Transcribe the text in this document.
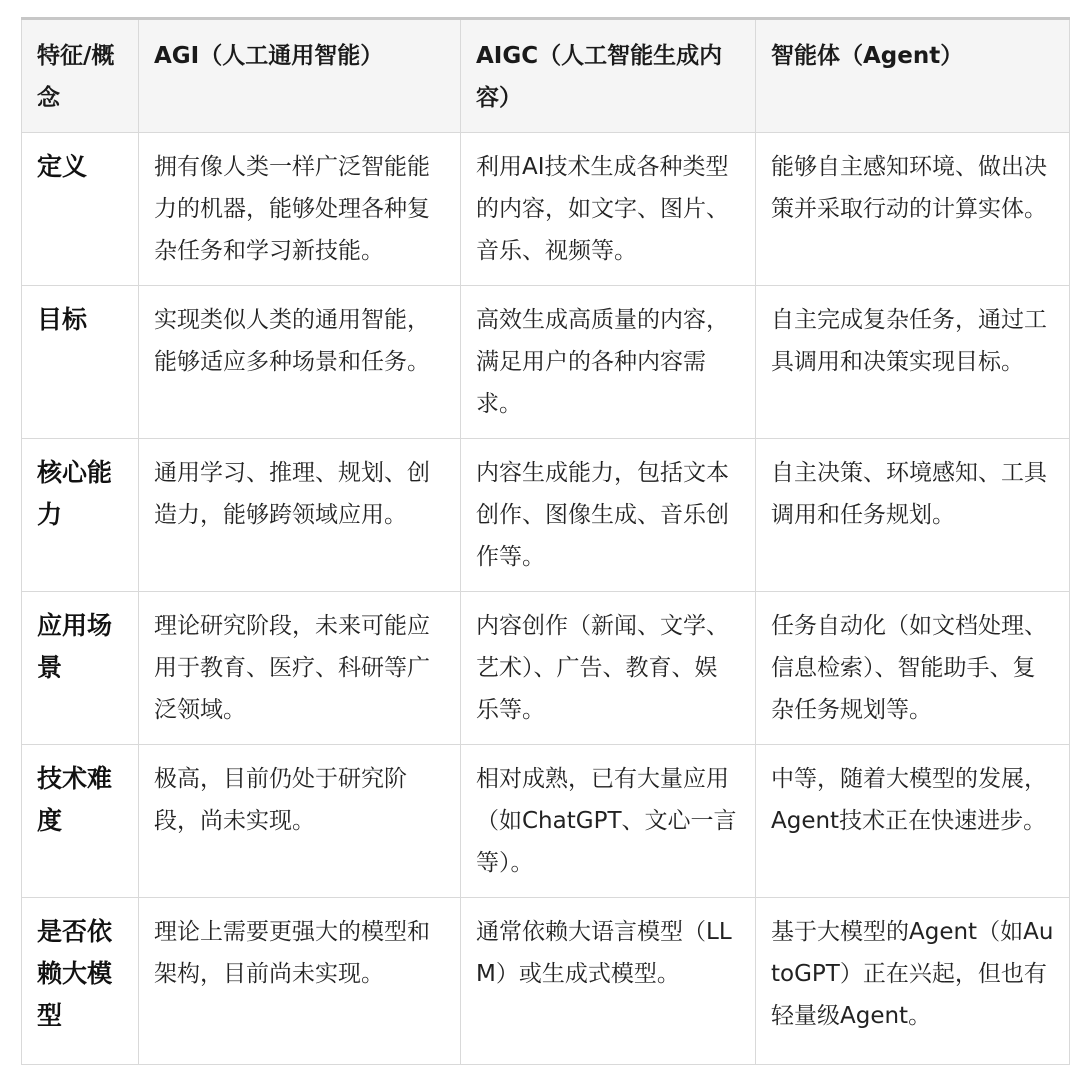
特征/概念	AGI（人工通用智能）	AIGC（人工智能生成内容）	智能体（Agent）
定义	拥有像人类一样广泛智能能力的机器，能够处理各种复杂任务和学习新技能。	利用AI技术生成各种类型的内容，如文字、图片、音乐、视频等。	能够自主感知环境、做出决策并采取行动的计算实体。
目标	实现类似人类的通用智能，能够适应多种场景和任务。	高效生成高质量的内容，满足用户的各种内容需求。	自主完成复杂任务，通过工具调用和决策实现目标。
核心能力	通用学习、推理、规划、创造力，能够跨领域应用。	内容生成能力，包括文本创作、图像生成、音乐创作等。	自主决策、环境感知、工具调用和任务规划。
应用场景	理论研究阶段，未来可能应用于教育、医疗、科研等广泛领域。	内容创作（新闻、文学、艺术）、广告、教育、娱乐等。	任务自动化（如文档处理、信息检索）、智能助手、复杂任务规划等。
技术难度	极高，目前仍处于研究阶段，尚未实现。	相对成熟，已有大量应用（如ChatGPT、文心一言等）。	中等，随着大模型的发展，Agent技术正在快速进步。
是否依赖大模型	理论上需要更强大的模型和架构，目前尚未实现。	通常依赖大语言模型（LLM）或生成式模型。	基于大模型的Agent（如AutoGPT）正在兴起，但也有轻量级Agent。
